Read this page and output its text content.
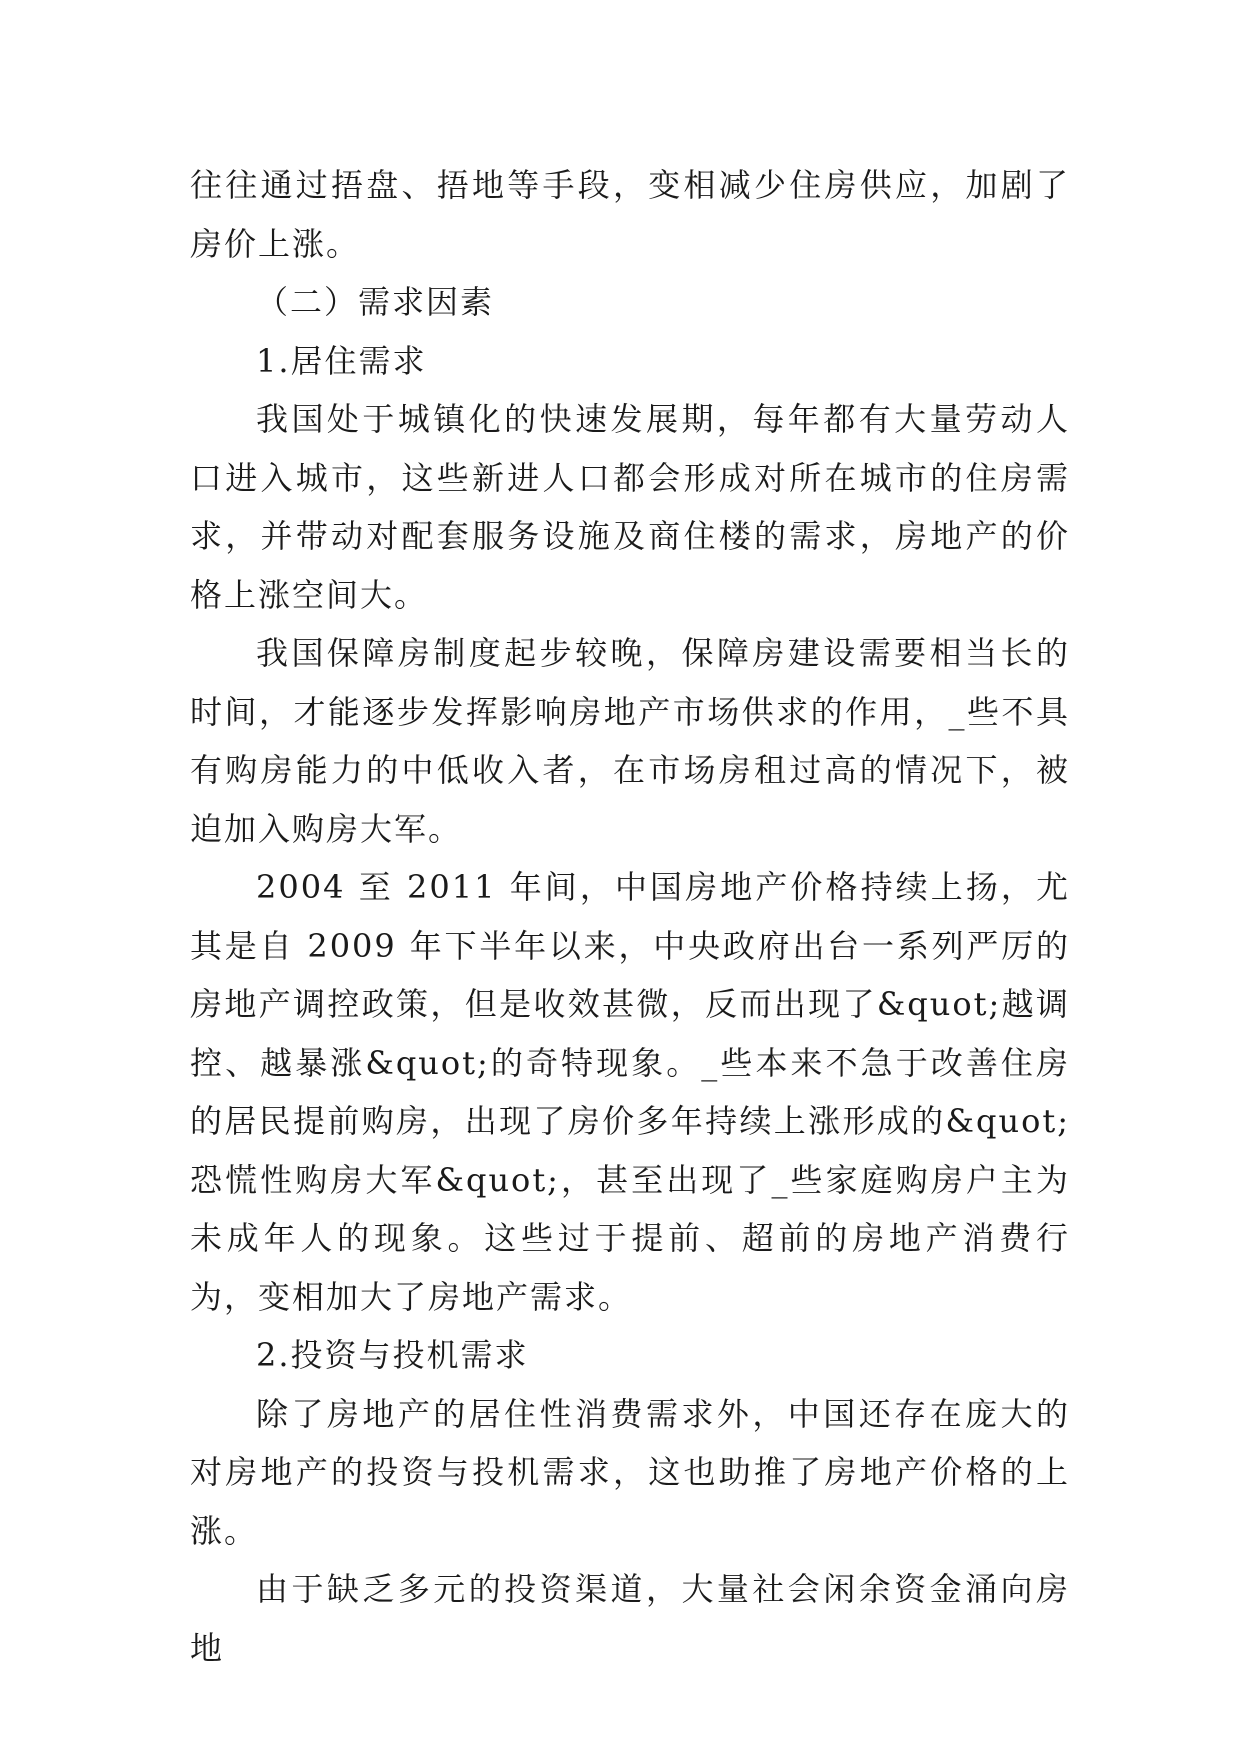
往往通过捂盘、捂地等手段，变相减少住房供应，加剧了房价上涨。

（二）需求因素

1.居住需求

我国处于城镇化的快速发展期，每年都有大量劳动人口进入城市，这些新进人口都会形成对所在城市的住房需求，并带动对配套服务设施及商住楼的需求，房地产的价格上涨空间大。

我国保障房制度起步较晚，保障房建设需要相当长的时间，才能逐步发挥影响房地产市场供求的作用，_些不具有购房能力的中低收入者，在市场房租过高的情况下，被迫加入购房大军。

2004 至 2011 年间，中国房地产价格持续上扬，尤其是自 2009 年下半年以来，中央政府出台一系列严厉的房地产调控政策，但是收效甚微，反而出现了&quot;越调控、越暴涨&quot;的奇特现象。_些本来不急于改善住房的居民提前购房，出现了房价多年持续上涨形成的&quot;恐慌性购房大军&quot;，甚至出现了_些家庭购房户主为未成年人的现象。这些过于提前、超前的房地产消费行为，变相加大了房地产需求。

2.投资与投机需求

除了房地产的居住性消费需求外，中国还存在庞大的对房地产的投资与投机需求，这也助推了房地产价格的上涨。

由于缺乏多元的投资渠道，大量社会闲余资金涌向房地
